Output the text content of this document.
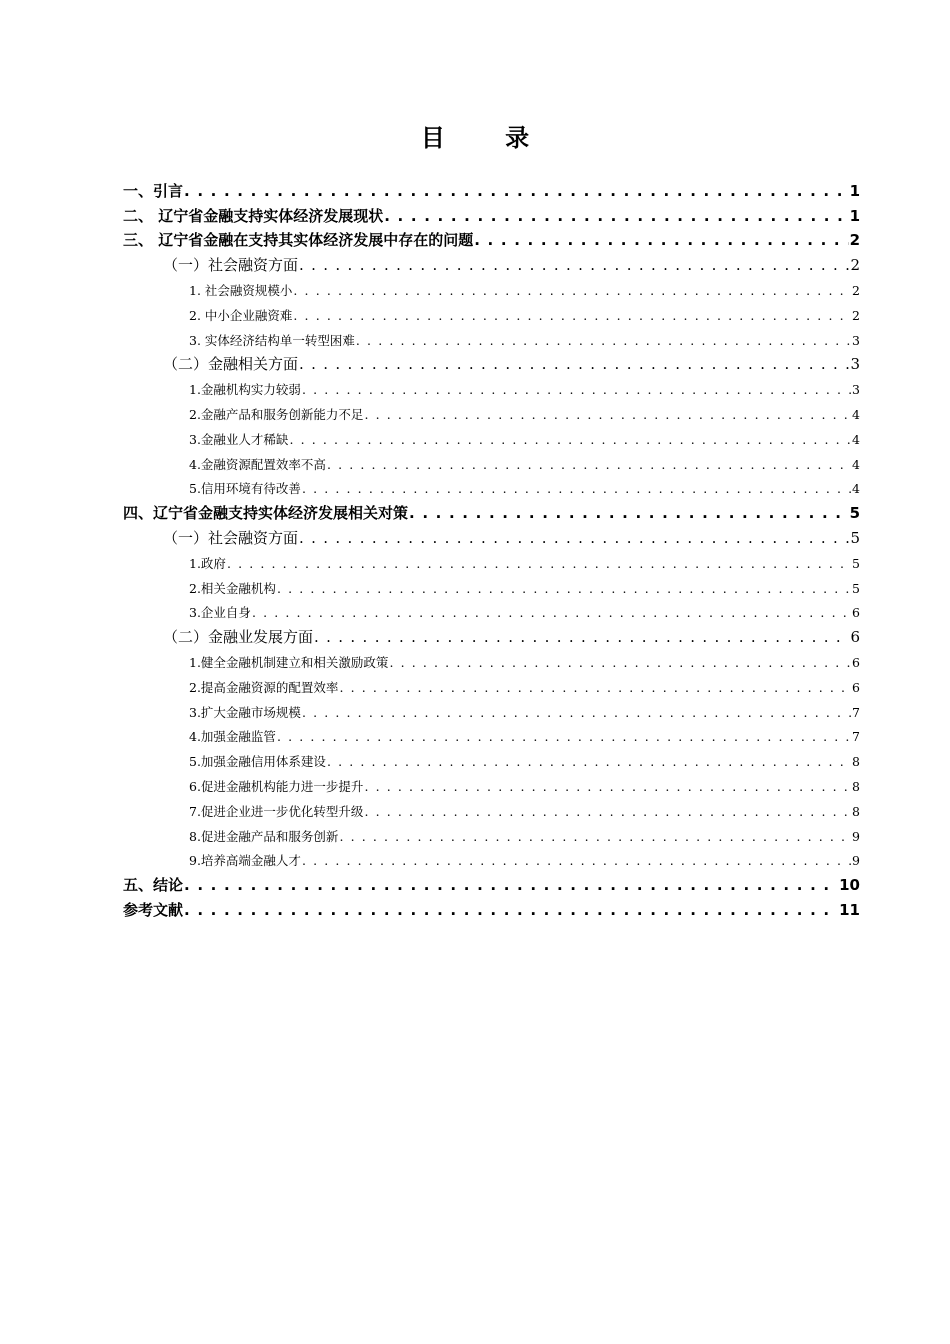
目 录
一、引言 . . .	1
二、 辽宁省金融支持实体经济发展现状 . . .	1
三、 辽宁省金融在支持其实体经济发展中存在的问题 . . .	2
（一）社会融资方面 . . .	2
1. 社会融资规模小 . . .	2
2. 中小企业融资难 . . .	2
3. 实体经济结构单一转型困难 . . .	3
（二）金融相关方面 . . .	3
1.金融机构实力较弱 . . .	3
2.金融产品和服务创新能力不足 . . .	4
3.金融业人才稀缺 . . .	4
4.金融资源配置效率不高 . . .	4
5.信用环境有待改善 . . .	4
四、辽宁省金融支持实体经济发展相关对策 . . .	5
（一）社会融资方面 . . .	5
1.政府 . . .	5
2.相关金融机构 . . .	5
3.企业自身 . . .	6
（二）金融业发展方面 . . .	6
1.健全金融机制建立和相关激励政策 . . .	6
2.提高金融资源的配置效率 . . .	6
3.扩大金融市场规模 . . .	7
4.加强金融监管 . . .	7
5.加强金融信用体系建设 . . .	8
6.促进金融机构能力进一步提升 . . .	8
7.促进企业进一步优化转型升级 . . .	8
8.促进金融产品和服务创新 . . .	9
9.培养高端金融人才 . . .	9
五、结论 . . .	10
参考文献 . . .	11
